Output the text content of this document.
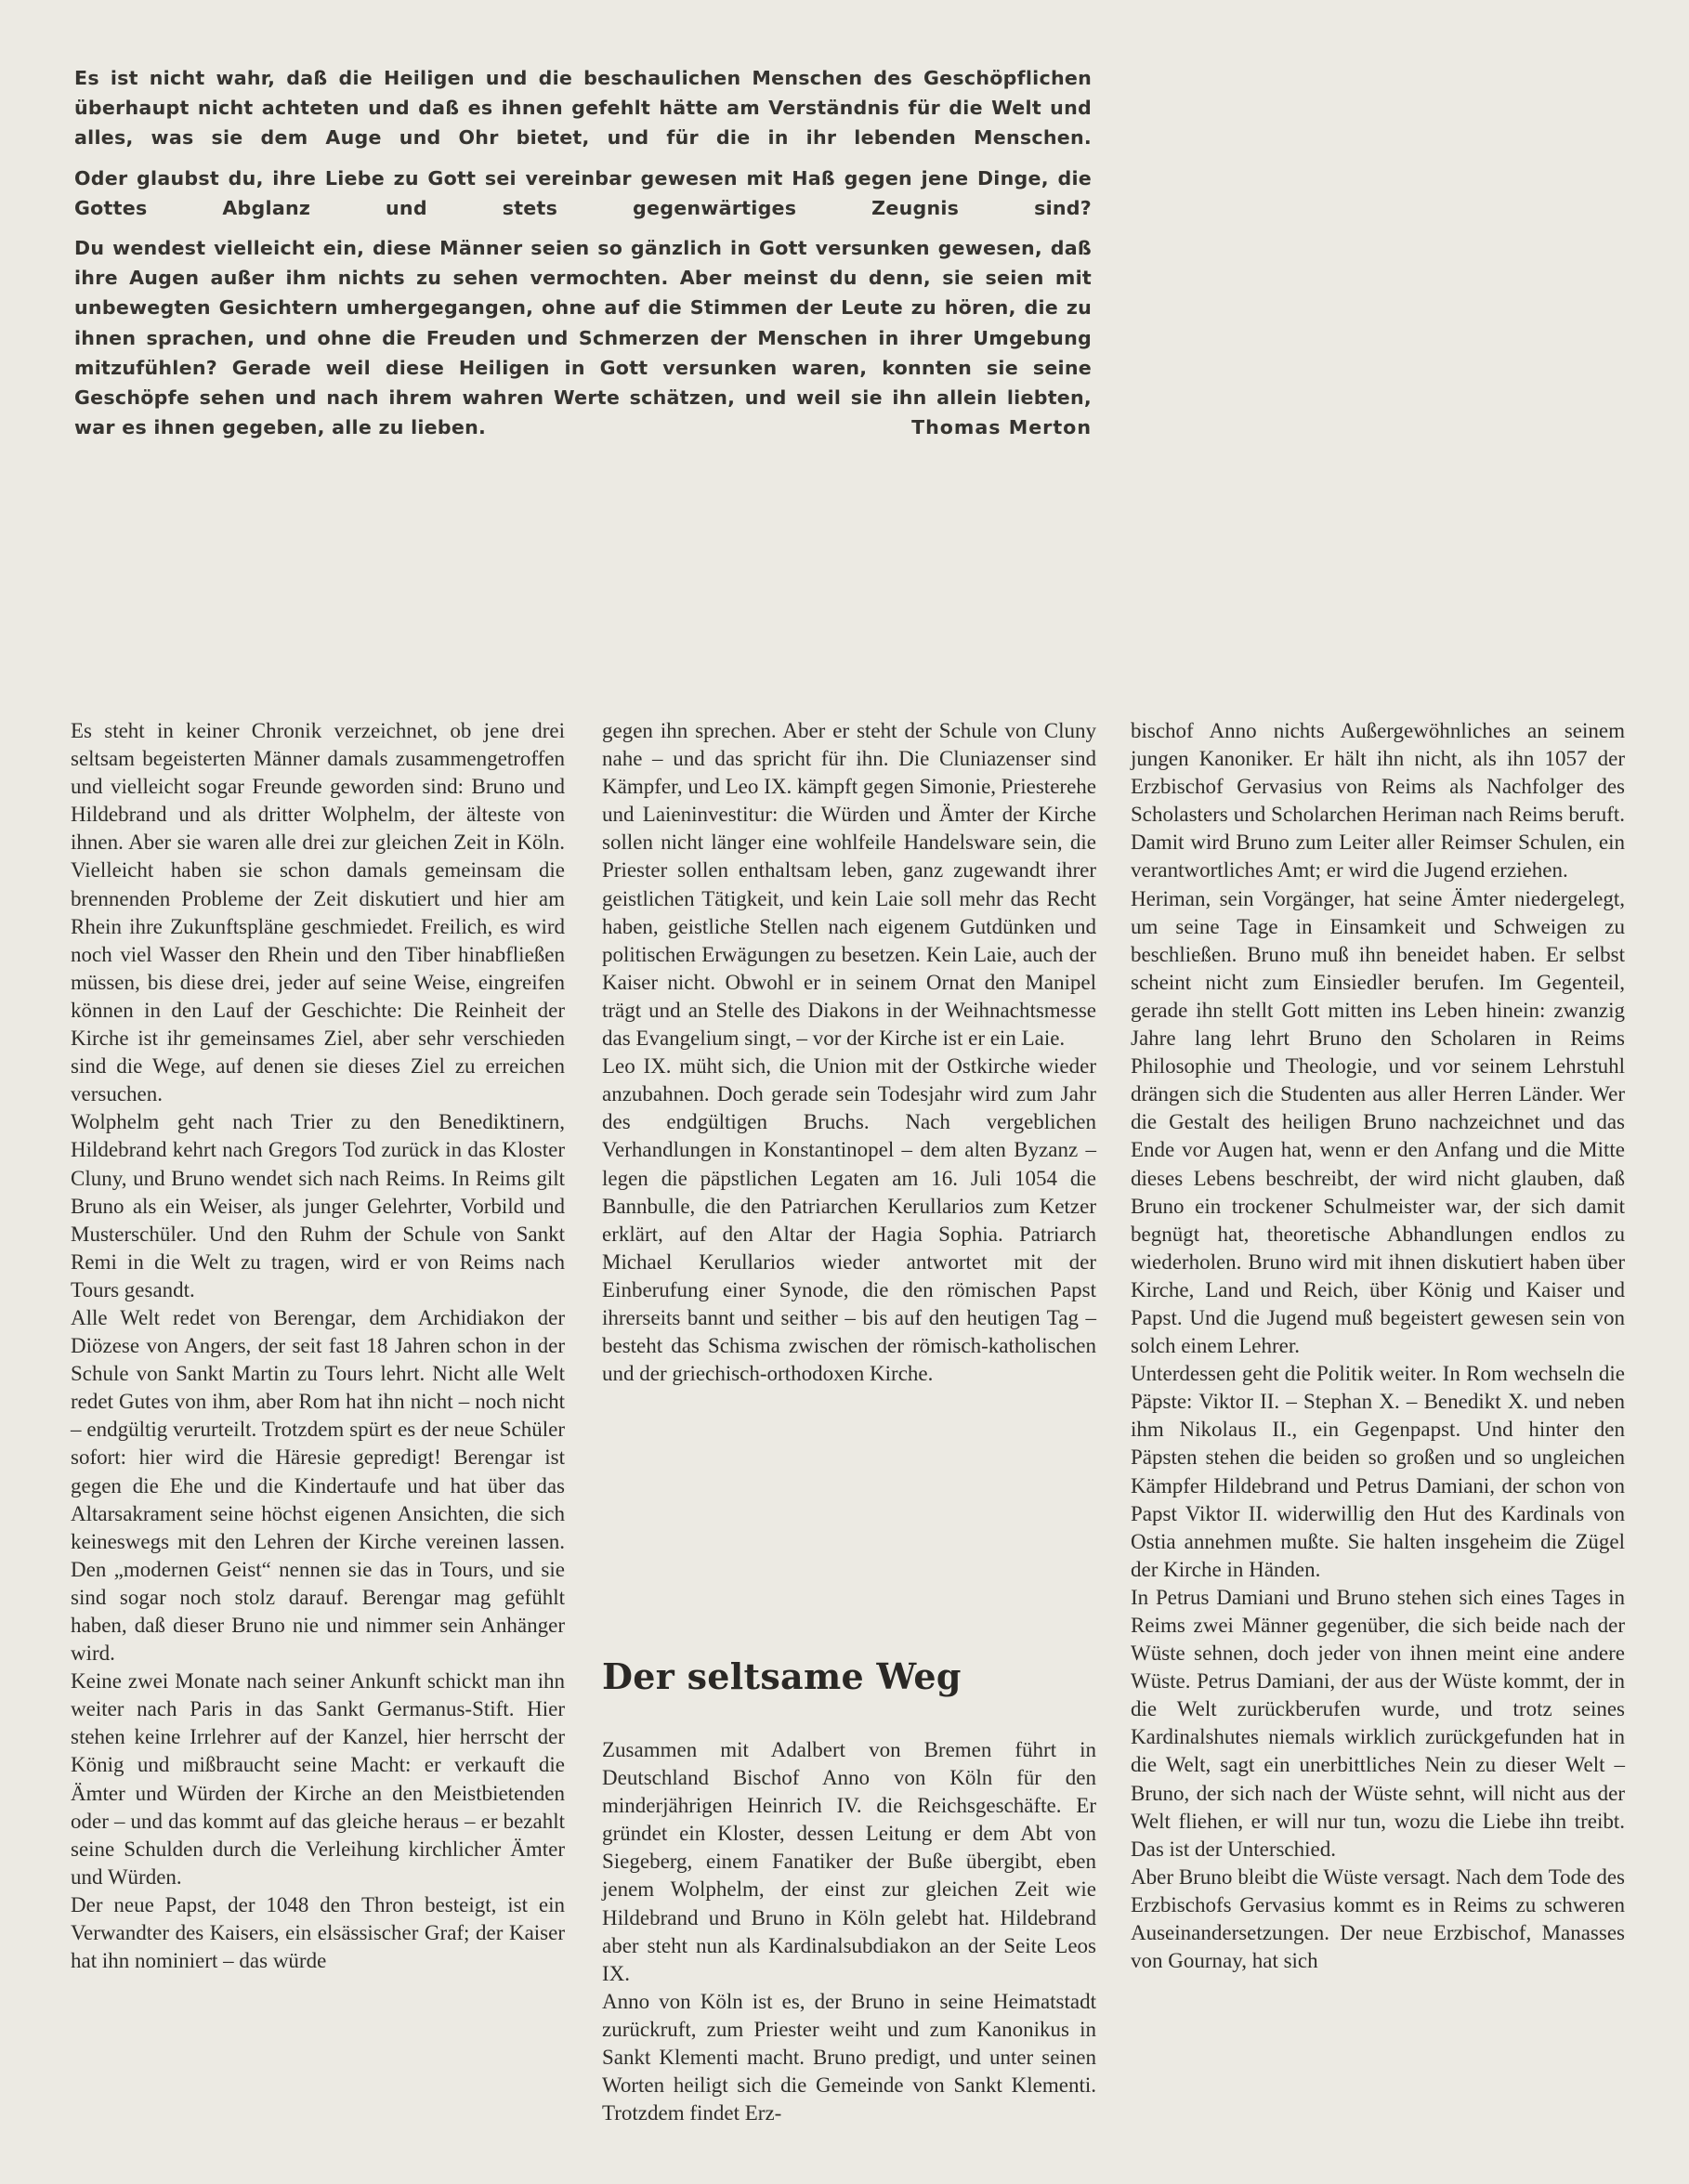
Es ist nicht wahr, daß die Heiligen und die beschaulichen Menschen des Geschöpflichen überhaupt nicht achteten und daß es ihnen gefehlt hätte am Verständnis für die Welt und alles, was sie dem Auge und Ohr bietet, und für die in ihr lebenden Menschen.

Oder glaubst du, ihre Liebe zu Gott sei vereinbar gewesen mit Haß gegen jene Dinge, die Gottes Abglanz und stets gegenwärtiges Zeugnis sind?

Du wendest vielleicht ein, diese Männer seien so gänzlich in Gott versunken gewesen, daß ihre Augen außer ihm nichts zu sehen vermochten. Aber meinst du denn, sie seien mit unbewegten Gesichtern umhergegangen, ohne auf die Stimmen der Leute zu hören, die zu ihnen sprachen, und ohne die Freuden und Schmerzen der Menschen in ihrer Umgebung mitzufühlen? Gerade weil diese Heiligen in Gott versunken waren, konnten sie seine Geschöpfe sehen und nach ihrem wahren Werte schätzen, und weil sie ihn allein liebten, war es ihnen gegeben, alle zu lieben.	Thomas Merton

Es steht in keiner Chronik verzeichnet, ob jene drei seltsam begeisterten Männer damals zusammengetroffen und vielleicht sogar Freunde geworden sind: Bruno und Hildebrand und als dritter Wolphelm, der älteste von ihnen. Aber sie waren alle drei zur gleichen Zeit in Köln. Vielleicht haben sie schon damals gemeinsam die brennenden Probleme der Zeit diskutiert und hier am Rhein ihre Zukunftspläne geschmiedet. Freilich, es wird noch viel Wasser den Rhein und den Tiber hinabfließen müssen, bis diese drei, jeder auf seine Weise, eingreifen können in den Lauf der Geschichte: Die Reinheit der Kirche ist ihr gemeinsames Ziel, aber sehr verschieden sind die Wege, auf denen sie dieses Ziel zu erreichen versuchen.

Wolphelm geht nach Trier zu den Benediktinern, Hildebrand kehrt nach Gregors Tod zurück in das Kloster Cluny, und Bruno wendet sich nach Reims. In Reims gilt Bruno als ein Weiser, als junger Gelehrter, Vorbild und Musterschüler. Und den Ruhm der Schule von Sankt Remi in die Welt zu tragen, wird er von Reims nach Tours gesandt.

Alle Welt redet von Berengar, dem Archidiakon der Diözese von Angers, der seit fast 18 Jahren schon in der Schule von Sankt Martin zu Tours lehrt. Nicht alle Welt redet Gutes von ihm, aber Rom hat ihn nicht – noch nicht – endgültig verurteilt. Trotzdem spürt es der neue Schüler sofort: hier wird die Häresie gepredigt! Berengar ist gegen die Ehe und die Kindertaufe und hat über das Altarsakrament seine höchst eigenen Ansichten, die sich keineswegs mit den Lehren der Kirche vereinen lassen. Den „modernen Geist“ nennen sie das in Tours, und sie sind sogar noch stolz darauf. Berengar mag gefühlt haben, daß dieser Bruno nie und nimmer sein Anhänger wird.

Keine zwei Monate nach seiner Ankunft schickt man ihn weiter nach Paris in das Sankt Germanus-Stift. Hier stehen keine Irrlehrer auf der Kanzel, hier herrscht der König und mißbraucht seine Macht: er verkauft die Ämter und Würden der Kirche an den Meistbietenden oder – und das kommt auf das gleiche heraus – er bezahlt seine Schulden durch die Verleihung kirchlicher Ämter und Würden.

Der neue Papst, der 1048 den Thron besteigt, ist ein Verwandter des Kaisers, ein elsässischer Graf; der Kaiser hat ihn nominiert – das würde

gegen ihn sprechen. Aber er steht der Schule von Cluny nahe – und das spricht für ihn. Die Cluniazenser sind Kämpfer, und Leo IX. kämpft gegen Simonie, Priesterehe und Laieninvestitur: die Würden und Ämter der Kirche sollen nicht länger eine wohlfeile Handelsware sein, die Priester sollen enthaltsam leben, ganz zugewandt ihrer geistlichen Tätigkeit, und kein Laie soll mehr das Recht haben, geistliche Stellen nach eigenem Gutdünken und politischen Erwägungen zu besetzen. Kein Laie, auch der Kaiser nicht. Obwohl er in seinem Ornat den Manipel trägt und an Stelle des Diakons in der Weihnachtsmesse das Evangelium singt, – vor der Kirche ist er ein Laie.

Leo IX. müht sich, die Union mit der Ostkirche wieder anzubahnen. Doch gerade sein Todesjahr wird zum Jahr des endgültigen Bruchs. Nach vergeblichen Verhandlungen in Konstantinopel – dem alten Byzanz – legen die päpstlichen Legaten am 16. Juli 1054 die Bannbulle, die den Patriarchen Kerullarios zum Ketzer erklärt, auf den Altar der Hagia Sophia. Patriarch Michael Kerullarios wieder antwortet mit der Einberufung einer Synode, die den römischen Papst ihrerseits bannt und seither – bis auf den heutigen Tag – besteht das Schisma zwischen der römisch-katholischen und der griechisch-orthodoxen Kirche.

Der seltsame Weg

Zusammen mit Adalbert von Bremen führt in Deutschland Bischof Anno von Köln für den minderjährigen Heinrich IV. die Reichsgeschäfte. Er gründet ein Kloster, dessen Leitung er dem Abt von Siegeberg, einem Fanatiker der Buße übergibt, eben jenem Wolphelm, der einst zur gleichen Zeit wie Hildebrand und Bruno in Köln gelebt hat. Hildebrand aber steht nun als Kardinalsubdiakon an der Seite Leos IX.

Anno von Köln ist es, der Bruno in seine Heimatstadt zurückruft, zum Priester weiht und zum Kanonikus in Sankt Klementi macht. Bruno predigt, und unter seinen Worten heiligt sich die Gemeinde von Sankt Klementi. Trotzdem findet Erz-

bischof Anno nichts Außergewöhnliches an seinem jungen Kanoniker. Er hält ihn nicht, als ihn 1057 der Erzbischof Gervasius von Reims als Nachfolger des Scholasters und Scholarchen Heriman nach Reims beruft. Damit wird Bruno zum Leiter aller Reimser Schulen, ein verantwortliches Amt; er wird die Jugend erziehen.

Heriman, sein Vorgänger, hat seine Ämter niedergelegt, um seine Tage in Einsamkeit und Schweigen zu beschließen. Bruno muß ihn beneidet haben. Er selbst scheint nicht zum Einsiedler berufen. Im Gegenteil, gerade ihn stellt Gott mitten ins Leben hinein: zwanzig Jahre lang lehrt Bruno den Scholaren in Reims Philosophie und Theologie, und vor seinem Lehrstuhl drängen sich die Studenten aus aller Herren Länder. Wer die Gestalt des heiligen Bruno nachzeichnet und das Ende vor Augen hat, wenn er den Anfang und die Mitte dieses Lebens beschreibt, der wird nicht glauben, daß Bruno ein trockener Schulmeister war, der sich damit begnügt hat, theoretische Abhandlungen endlos zu wiederholen. Bruno wird mit ihnen diskutiert haben über Kirche, Land und Reich, über König und Kaiser und Papst. Und die Jugend muß begeistert gewesen sein von solch einem Lehrer.

Unterdessen geht die Politik weiter. In Rom wechseln die Päpste: Viktor II. – Stephan X. – Benedikt X. und neben ihm Nikolaus II., ein Gegenpapst. Und hinter den Päpsten stehen die beiden so großen und so ungleichen Kämpfer Hildebrand und Petrus Damiani, der schon von Papst Viktor II. widerwillig den Hut des Kardinals von Ostia annehmen mußte. Sie halten insgeheim die Zügel der Kirche in Händen.

In Petrus Damiani und Bruno stehen sich eines Tages in Reims zwei Männer gegenüber, die sich beide nach der Wüste sehnen, doch jeder von ihnen meint eine andere Wüste. Petrus Damiani, der aus der Wüste kommt, der in die Welt zurückberufen wurde, und trotz seines Kardinalshutes niemals wirklich zurückgefunden hat in die Welt, sagt ein unerbittliches Nein zu dieser Welt – Bruno, der sich nach der Wüste sehnt, will nicht aus der Welt fliehen, er will nur tun, wozu die Liebe ihn treibt. Das ist der Unterschied.

Aber Bruno bleibt die Wüste versagt. Nach dem Tode des Erzbischofs Gervasius kommt es in Reims zu schweren Auseinandersetzungen. Der neue Erzbischof, Manasses von Gournay, hat sich
